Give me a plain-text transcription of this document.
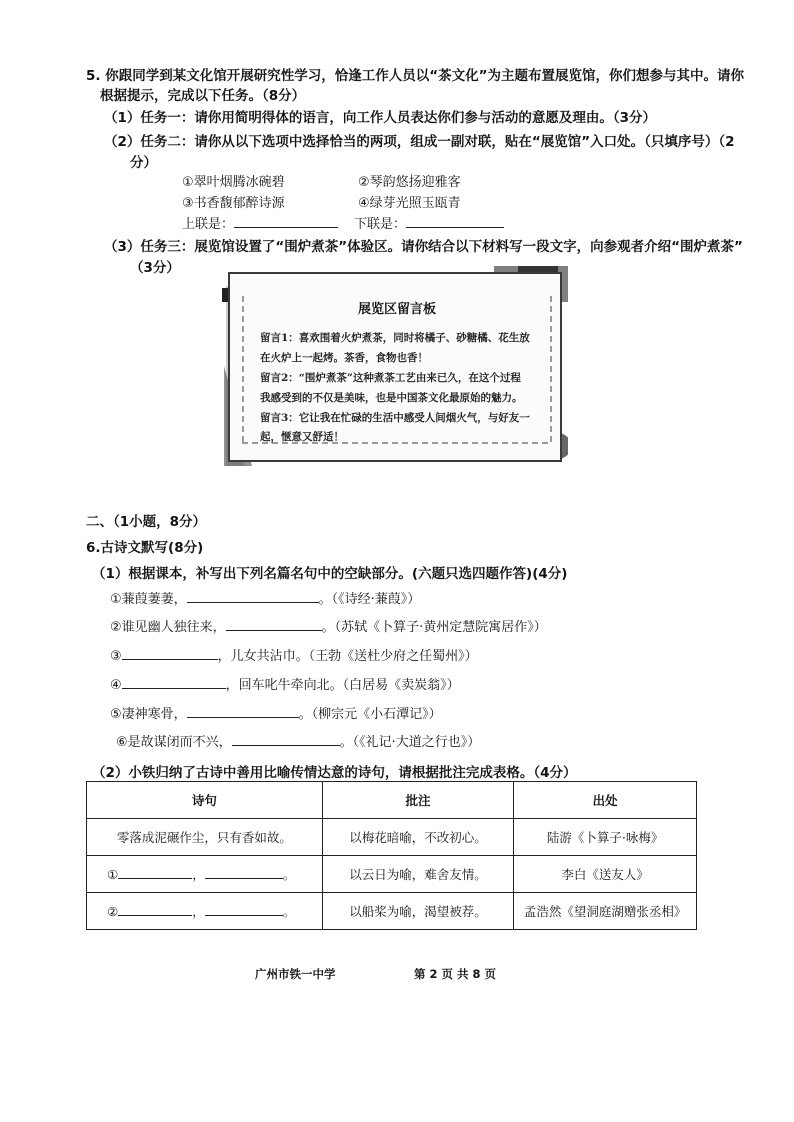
5. 你跟同学到某文化馆开展研究性学习，恰逢工作人员以“茶文化”为主题布置展览馆，你们想参与其中。请你
根据提示，完成以下任务。（8分）
（1）任务一：请你用简明得体的语言，向工作人员表达你们参与活动的意愿及理由。（3分）
（2）任务二：请你从以下选项中选择恰当的两项，组成一副对联，贴在“展览馆”入口处。（只填序号）（2
分）
①翠叶烟腾冰碗碧	②琴韵悠扬迎雅客
③书香馥郁醉诗源	④绿芽光照玉瓯青
上联是：	下联是：
（3）任务三：展览馆设置了“围炉煮茶”体验区。请你结合以下材料写一段文字，向参观者介绍“围炉煮茶”
（3分）
展览区留言板
留言1：喜欢围着火炉煮茶，同时将橘子、砂糖橘、花生放
在火炉上一起烤。茶香，食物也香！
留言2：“围炉煮茶”这种煮茶工艺由来已久，在这个过程
我感受到的不仅是美味，也是中国茶文化最原始的魅力。
留言3：它让我在忙碌的生活中感受人间烟火气，与好友一
起，惬意又舒适！
二、（1小题，8分）
6.古诗文默写(8分)
（1）根据课本，补写出下列名篇名句中的空缺部分。(六题只选四题作答)(4分)
①蒹葭萋萋，	。（《诗经·蒹葭》）
②谁见幽人独往来，	。（苏轼《卜算子·黄州定慧院寓居作》）
③	，儿女共沾巾。（王勃《送杜少府之任蜀州》）
④	，回车叱牛牵向北。（白居易《卖炭翁》）
⑤凄神寒骨，	。（柳宗元《小石潭记》）
⑥是故谋闭而不兴，	。（《礼记·大道之行也》）
（2）小铁归纳了古诗中善用比喻传情达意的诗句，请根据批注完成表格。（4分）
诗句	批注	出处
零落成泥碾作尘，只有香如故。	以梅花暗喻，不改初心。	陆游《卜算子·咏梅》
① ， 。	以云日为喻，难舍友情。	李白《送友人》
② ， 。	以船桨为喻，渴望被荐。	孟浩然《望洞庭湖赠张丞相》
广州市铁一中学	第 2 页 共 8 页
